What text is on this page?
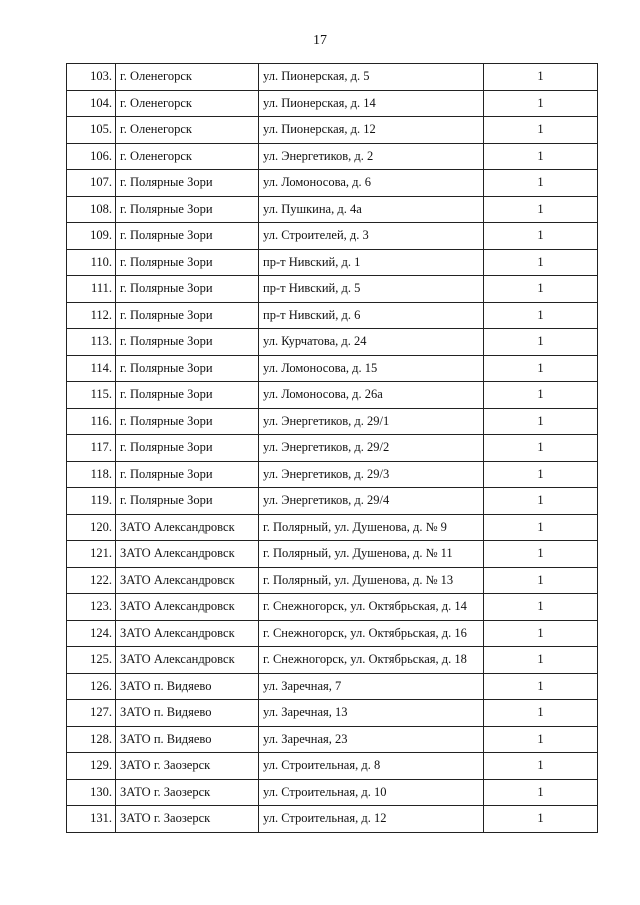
17
103.	г. Оленегорск	ул. Пионерская, д. 5	1
104.	г. Оленегорск	ул. Пионерская, д. 14	1
105.	г. Оленегорск	ул. Пионерская, д. 12	1
106.	г. Оленегорск	ул. Энергетиков, д. 2	1
107.	г. Полярные Зори	ул. Ломоносова, д. 6	1
108.	г. Полярные Зори	ул. Пушкина, д. 4а	1
109.	г. Полярные Зори	ул. Строителей, д. 3	1
110.	г. Полярные Зори	пр-т Нивский, д. 1	1
111.	г. Полярные Зори	пр-т Нивский, д. 5	1
112.	г. Полярные Зори	пр-т Нивский, д. 6	1
113.	г. Полярные Зори	ул. Курчатова, д. 24	1
114.	г. Полярные Зори	ул. Ломоносова, д. 15	1
115.	г. Полярные Зори	ул. Ломоносова, д. 26а	1
116.	г. Полярные Зори	ул. Энергетиков, д. 29/1	1
117.	г. Полярные Зори	ул. Энергетиков, д. 29/2	1
118.	г. Полярные Зори	ул. Энергетиков, д. 29/3	1
119.	г. Полярные Зори	ул. Энергетиков, д. 29/4	1
120.	ЗАТО Александровск	г. Полярный, ул. Душенова, д. № 9	1
121.	ЗАТО Александровск	г. Полярный, ул. Душенова, д. № 11	1
122.	ЗАТО Александровск	г. Полярный, ул. Душенова, д. № 13	1
123.	ЗАТО Александровск	г. Снежногорск, ул. Октябрьская, д. 14	1
124.	ЗАТО Александровск	г. Снежногорск, ул. Октябрьская, д. 16	1
125.	ЗАТО Александровск	г. Снежногорск, ул. Октябрьская, д. 18	1
126.	ЗАТО п. Видяево	ул. Заречная, 7	1
127.	ЗАТО п. Видяево	ул. Заречная, 13	1
128.	ЗАТО п. Видяево	ул. Заречная, 23	1
129.	ЗАТО г. Заозерск	ул. Строительная, д. 8	1
130.	ЗАТО г. Заозерск	ул. Строительная, д. 10	1
131.	ЗАТО г. Заозерск	ул. Строительная, д. 12	1
